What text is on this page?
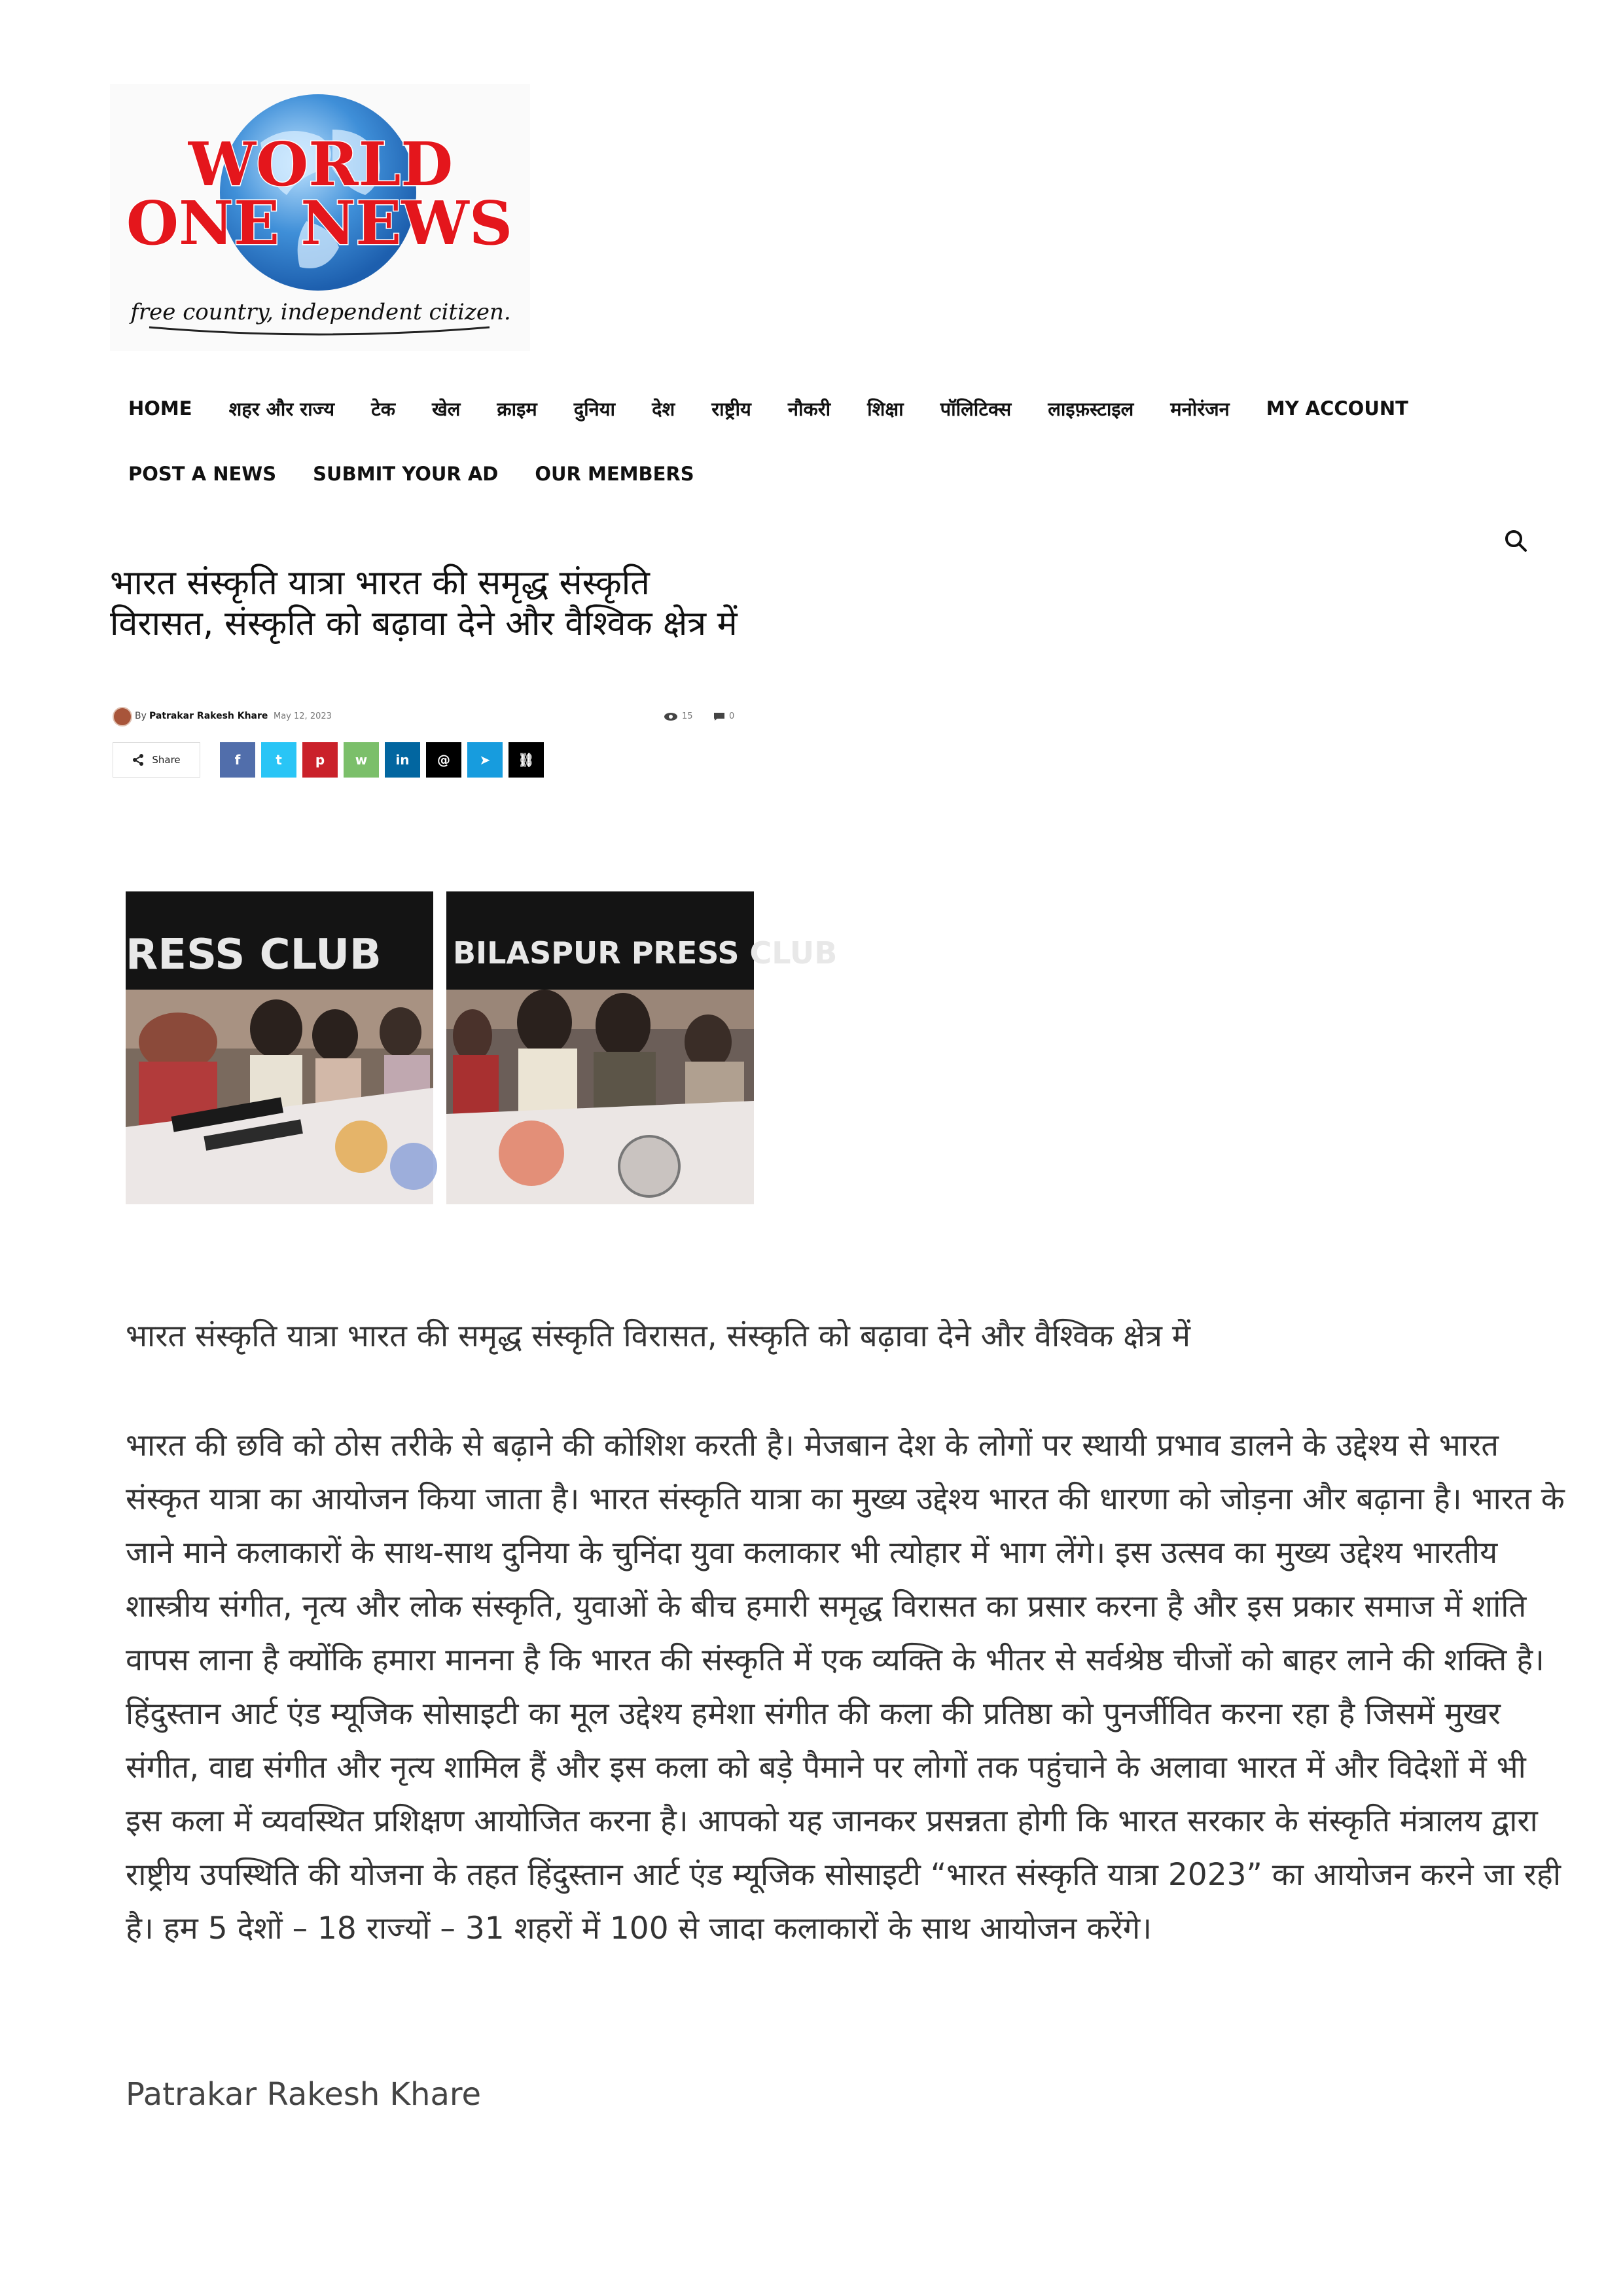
WORLD
ONE NEWS
free country, independent citizen.
HOME शहर और राज्य टेक खेल क्राइम दुनिया देश राष्ट्रीय नौकरी शिक्षा पॉलिटिक्स लाइफ़स्टाइल मनोरंजन MY ACCOUNT
POST A NEWS SUBMIT YOUR AD OUR MEMBERS
भारत संस्कृति यात्रा भारत की समृद्ध संस्कृति विरासत, संस्कृति को बढ़ावा देने और वैश्विक क्षेत्र में
By Patrakar Rakesh Khare May 12, 2023	15	0
Share	f	t	p w in @ ➤ ⛓
RESS CLUB BILASPUR PRESS CLUB

भारत संस्कृति यात्रा भारत की समृद्ध संस्कृति विरासत, संस्कृति को बढ़ावा देने और वैश्विक क्षेत्र में

भारत की छवि को ठोस तरीके से बढ़ाने की कोशिश करती है। मेजबान देश के लोगों पर स्थायी प्रभाव डालने के उद्देश्य से भारत संस्कृत यात्रा का आयोजन किया जाता है। भारत संस्कृति यात्रा का मुख्य उद्देश्य भारत की धारणा को जोड़ना और बढ़ाना है। भारत के जाने माने कलाकारों के साथ-साथ दुनिया के चुनिंदा युवा कलाकार भी त्योहार में भाग लेंगे। इस उत्सव का मुख्य उद्देश्य भारतीय शास्त्रीय संगीत, नृत्य और लोक संस्कृति, युवाओं के बीच हमारी समृद्ध विरासत का प्रसार करना है और इस प्रकार समाज में शांति वापस लाना है क्योंकि हमारा मानना है कि भारत की संस्कृति में एक व्यक्ति के भीतर से सर्वश्रेष्ठ चीजों को बाहर लाने की शक्ति है।हिंदुस्तान आर्ट एंड म्यूजिक सोसाइटी का मूल उद्देश्य हमेशा संगीत की कला की प्रतिष्ठा को पुनर्जीवित करना रहा है जिसमें मुखर संगीत, वाद्य संगीत और नृत्य शामिल हैं और इस कला को बड़े पैमाने पर लोगों तक पहुंचाने के अलावा भारत में और विदेशों में भी इस कला में व्यवस्थित प्रशिक्षण आयोजित करना है। आपको यह जानकर प्रसन्नता होगी कि भारत सरकार के संस्कृति मंत्रालय द्वारा राष्ट्रीय उपस्थिति की योजना के तहत हिंदुस्तान आर्ट एंड म्यूजिक सोसाइटी “भारत संस्कृति यात्रा 2023” का आयोजन करने जा रही है। हम 5 देशों – 18 राज्यों – 31 शहरों में 100 से जादा कलाकारों के साथ आयोजन करेंगे।

Patrakar Rakesh Khare
